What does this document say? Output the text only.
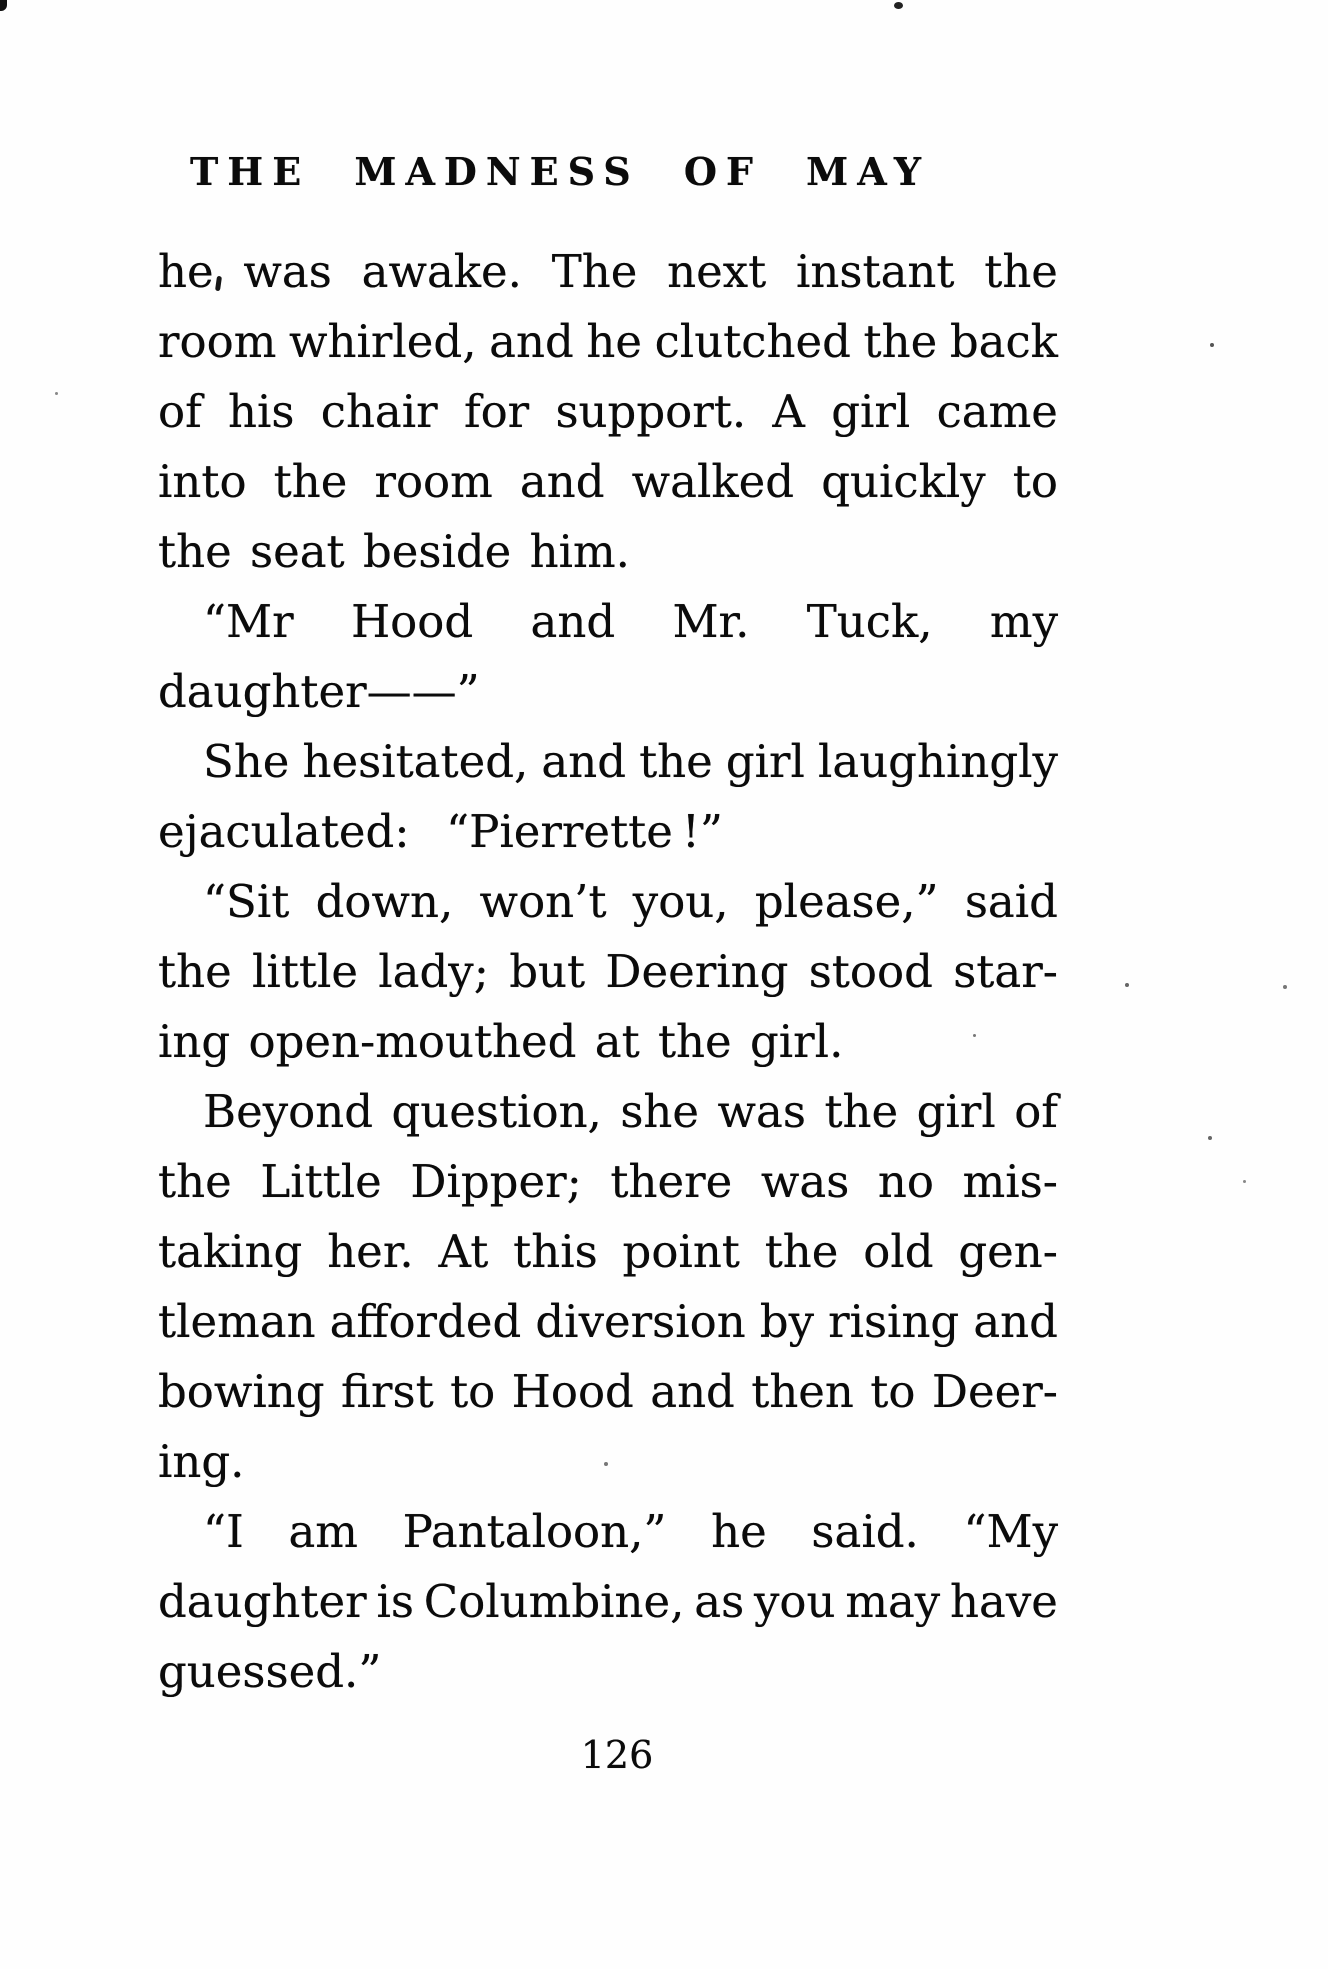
THE MADNESS OF MAY
he was awake. The next instant the
room whirled, and he clutched the back
of his chair for support. A girl came
into the room and walked quickly to
the seat beside him.
“Mr Hood and Mr. Tuck, my
daughter——”
She hesitated, and the girl laughingly
ejaculated:  “Pierrette !”
“Sit down, won’t you, please,” said
the little lady; but Deering stood star-
ing open-mouthed at the girl.
Beyond question, she was the girl of
the Little Dipper; there was no mis-
taking her. At this point the old gen-
tleman afforded diversion by rising and
bowing first to Hood and then to Deer-
ing.
“I am Pantaloon,” he said. “My
daughter is Columbine, as you may have
guessed.”
126
